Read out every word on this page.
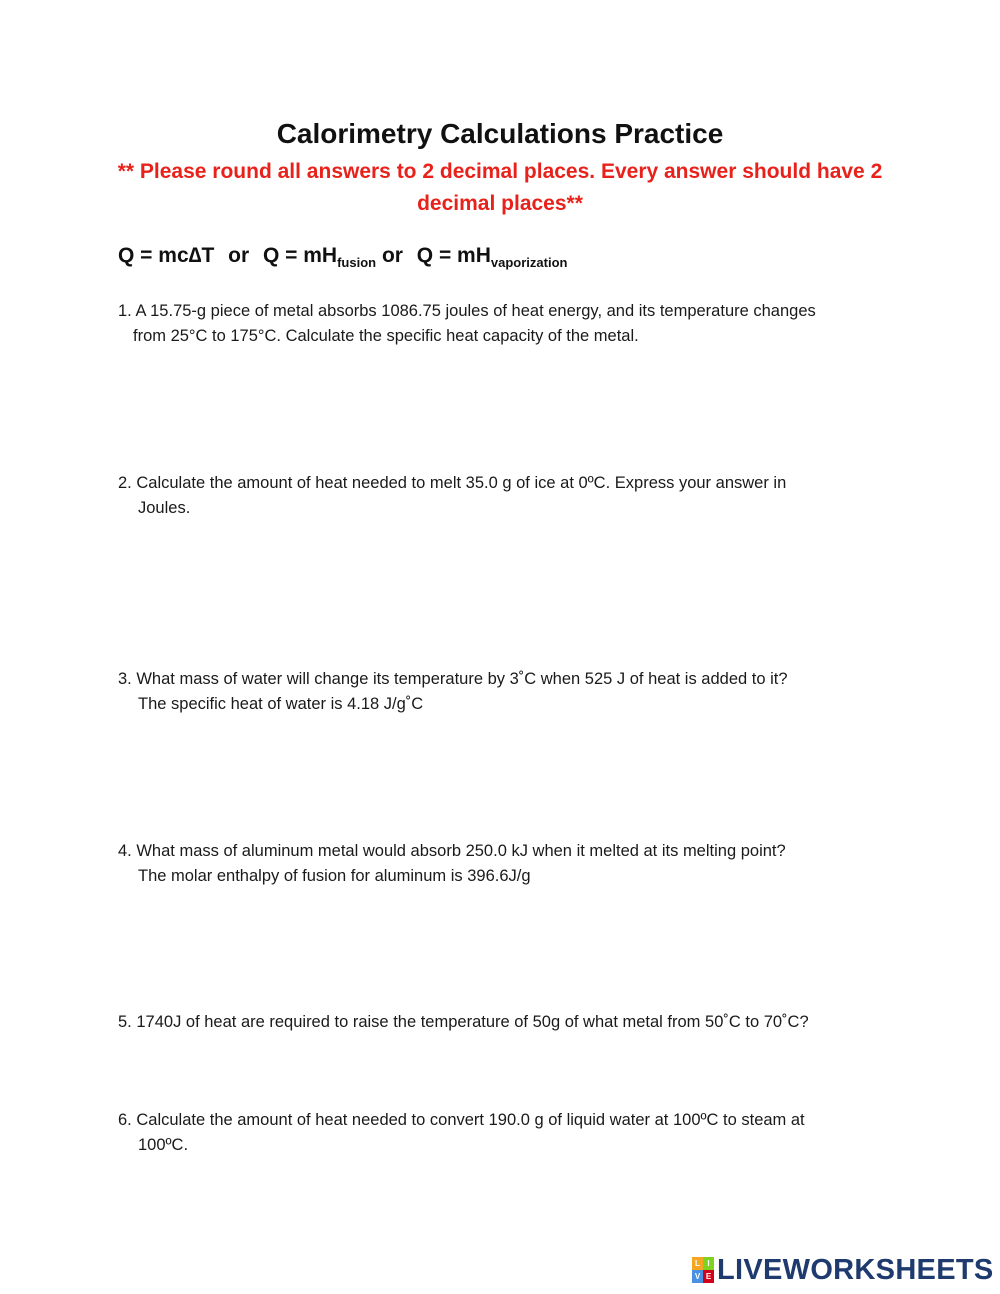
Calorimetry Calculations Practice

** Please round all answers to 2 decimal places. Every answer should have 2 decimal places**

Q = mc∆T or $Q = mH_{fusion}$ or $Q = mH_{vaporization}$
1. A 15.75-g piece of metal absorbs 1086.75 joules of heat energy, and its temperature changes
from 25°C to 175°C. Calculate the specific heat capacity of the metal.
2. Calculate the amount of heat needed to melt 35.0 g of ice at 0ºC. Express your answer in
Joules.
3. What mass of water will change its temperature by 3˚C when 525 J of heat is added to it?
The specific heat of water is 4.18 J/g˚C
4. What mass of aluminum metal would absorb 250.0 kJ when it melted at its melting point?
The molar enthalpy of fusion for aluminum is 396.6J/g
5. 1740J of heat are required to raise the temperature of 50g of what metal from 50˚C to 70˚C?
6. Calculate the amount of heat needed to convert 190.0 g of liquid water at 100ºC to steam at
100ºC.
L I
V E LIVEWORKSHEETS
